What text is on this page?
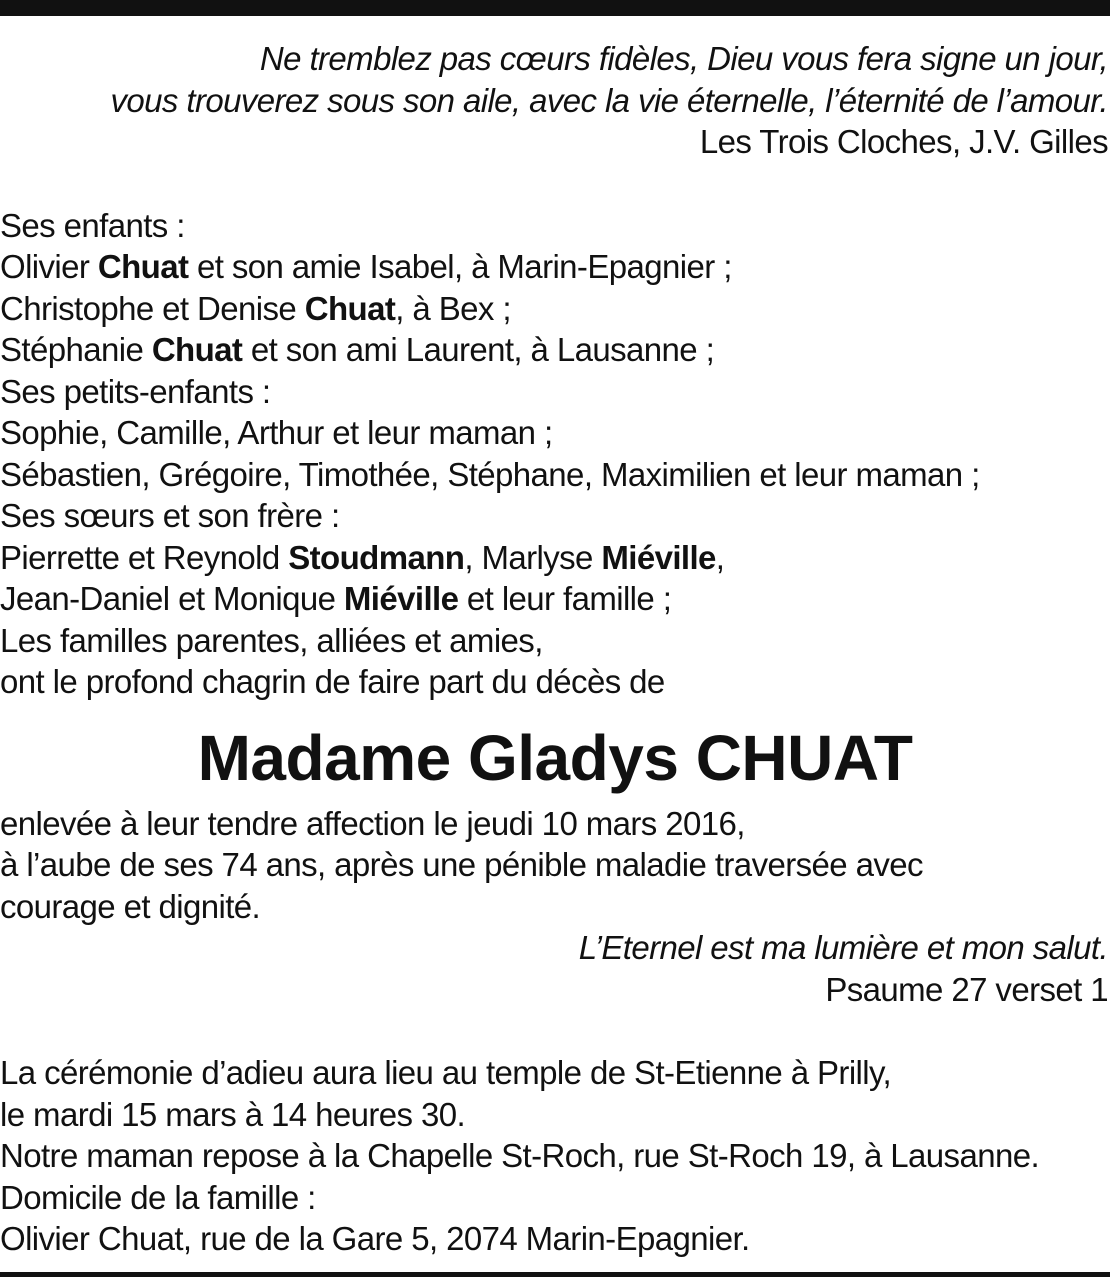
Ne tremblez pas cœurs fidèles, Dieu vous fera signe un jour,
vous trouverez sous son aile, avec la vie éternelle, l’éternité de l’amour.
Les Trois Cloches, J.V. Gilles
Ses enfants :
Olivier Chuat et son amie Isabel, à Marin-Epagnier ;
Christophe et Denise Chuat, à Bex ;
Stéphanie Chuat et son ami Laurent, à Lausanne ;
Ses petits-enfants :
Sophie, Camille, Arthur et leur maman ;
Sébastien, Grégoire, Timothée, Stéphane, Maximilien et leur maman ;
Ses sœurs et son frère :
Pierrette et Reynold Stoudmann, Marlyse Miéville,
Jean-Daniel et Monique Miéville et leur famille ;
Les familles parentes, alliées et amies,
ont le profond chagrin de faire part du décès de
Madame Gladys CHUAT
enlevée à leur tendre affection le jeudi 10 mars 2016,
à l’aube de ses 74 ans, après une pénible maladie traversée avec
courage et dignité.
L’Eternel est ma lumière et mon salut.
Psaume 27 verset 1
La cérémonie d’adieu aura lieu au temple de St-Etienne à Prilly,
le mardi 15 mars à 14 heures 30.
Notre maman repose à la Chapelle St-Roch, rue St-Roch 19, à Lausanne.
Domicile de la famille :
Olivier Chuat, rue de la Gare 5, 2074 Marin-Epagnier.
